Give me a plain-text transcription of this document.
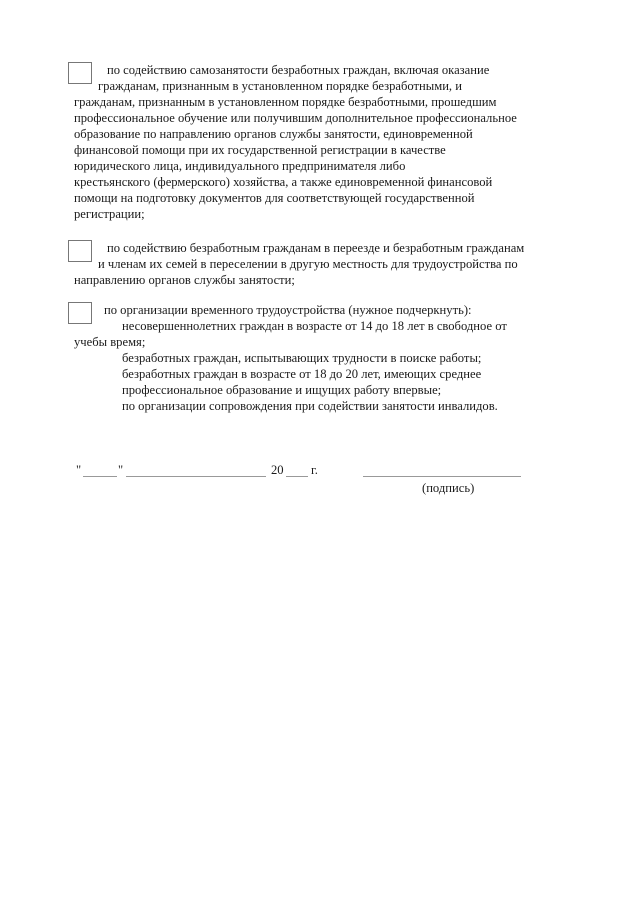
по содействию самозанятости безработных граждан, включая оказание
гражданам, признанным в установленном порядке безработными, и
гражданам, признанным в установленном порядке безработными, прошедшим
профессиональное обучение или получившим дополнительное профессиональное
образование по направлению органов службы занятости, единовременной
финансовой помощи при их государственной регистрации в качестве
юридического лица, индивидуального предпринимателя либо
крестьянского (фермерского) хозяйства, а также единовременной финансовой
помощи на подготовку документов для соответствующей государственной
регистрации;
по содействию безработным гражданам в переезде и безработным гражданам
и членам их семей в переселении в другую местность для трудоустройства по
направлению органов службы занятости;
по организации временного трудоустройства (нужное подчеркнуть):
несовершеннолетних граждан в возрасте от 14 до 18 лет в свободное от
учебы время;
безработных граждан, испытывающих трудности в поиске работы;
безработных граждан в возрасте от 18 до 20 лет, имеющих среднее
профессиональное образование и ищущих работу впервые;
по организации сопровождения при содействии занятости инвалидов.
"	"	20 г.
(подпись)
